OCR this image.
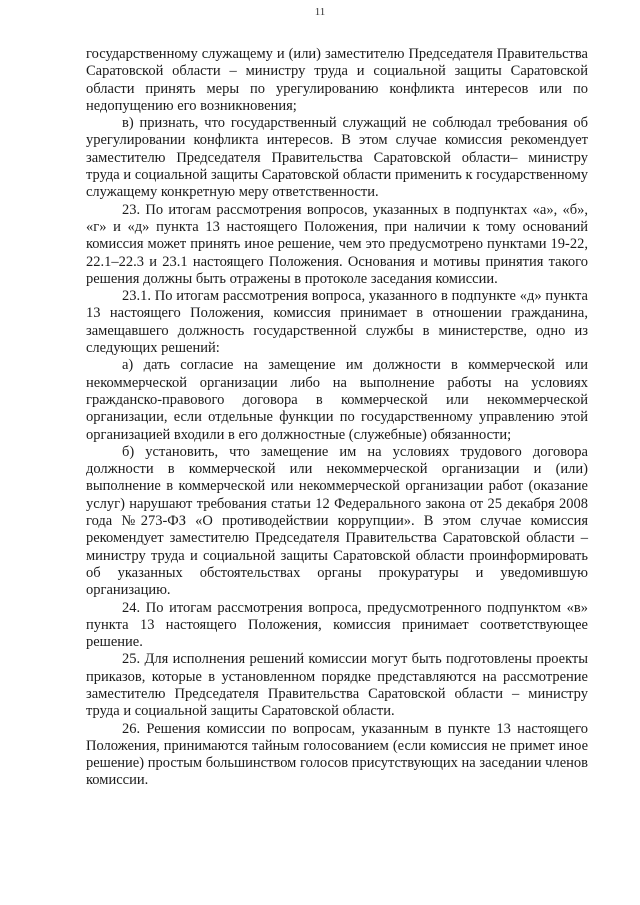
11

государственному служащему и (или) заместителю Председателя Правительства Саратовской области – министру труда и социальной защиты Саратовской области принять меры по урегулированию конфликта интересов или по недопущению его возникновения;

в) признать, что государственный служащий не соблюдал требования об урегулировании конфликта интересов. В этом случае комиссия рекомендует заместителю Председателя Правительства Саратовской области– министру труда и социальной защиты Саратовской области применить к государственному служащему конкретную меру ответственности.

23. По итогам рассмотрения вопросов, указанных в подпунктах «а», «б», «г» и «д» пункта 13 настоящего Положения, при наличии к тому оснований комиссия может принять иное решение, чем это предусмотрено пунктами 19-22, 22.1–22.3 и 23.1 настоящего Положения. Основания и мотивы принятия такого решения должны быть отражены в протоколе заседания комиссии.

23.1. По итогам рассмотрения вопроса, указанного в подпункте «д» пункта 13 настоящего Положения, комиссия принимает в отношении гражданина, замещавшего должность государственной службы в министерстве, одно из следующих решений:

а) дать согласие на замещение им должности в коммерческой или некоммерческой организации либо на выполнение работы на условиях гражданско-правового договора в коммерческой или некоммерческой организации, если отдельные функции по государственному управлению этой организацией входили в его должностные (служебные) обязанности;

б) установить, что замещение им на условиях трудового договора должности в коммерческой или некоммерческой организации и (или) выполнение в коммерческой или некоммерческой организации работ (оказание услуг) нарушают требования статьи 12 Федерального закона от 25 декабря 2008 года №273-ФЗ «О противодействии коррупции». В этом случае комиссия рекомендует заместителю Председателя Правительства Саратовской области – министру труда и социальной защиты Саратовской области проинформировать об указанных обстоятельствах органы прокуратуры и уведомившую организацию.

24. По итогам рассмотрения вопроса, предусмотренного подпунктом «в» пункта 13 настоящего Положения, комиссия принимает соответствующее решение.

25. Для исполнения решений комиссии могут быть подготовлены проекты приказов, которые в установленном порядке представляются на рассмотрение заместителю Председателя Правительства Саратовской области – министру труда и социальной защиты Саратовской области.

26. Решения комиссии по вопросам, указанным в пункте 13 настоящего Положения, принимаются тайным голосованием (если комиссия не примет иное решение) простым большинством голосов присутствующих на заседании членов комиссии.
